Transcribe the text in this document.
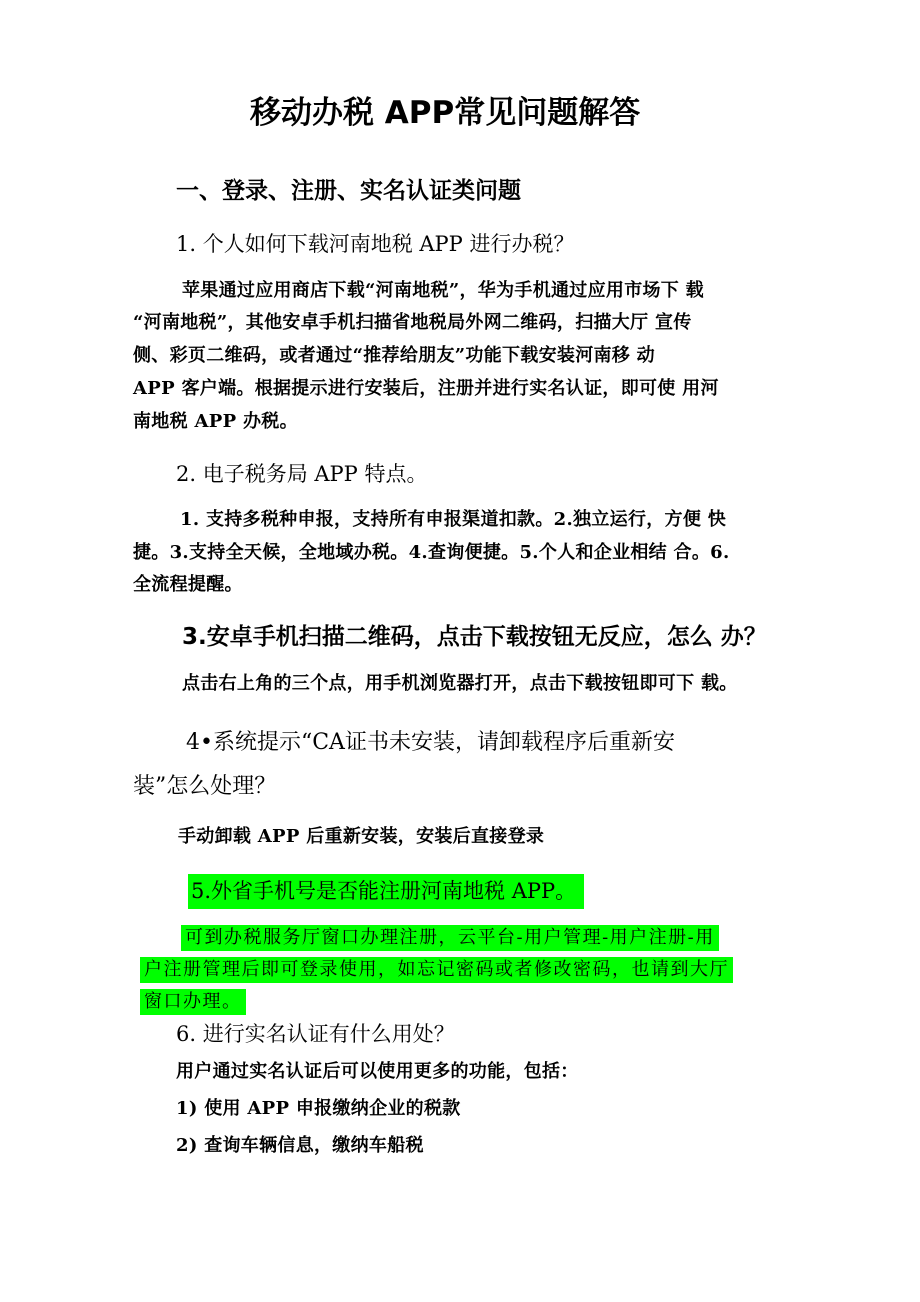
移动办税 APP常见问题解答
一、登录、注册、实名认证类问题
1. 个人如何下载河南地税 APP 进行办税？
苹果通过应用商店下载“河南地税”，华为手机通过应用市场下 载
“河南地税”，其他安卓手机扫描省地税局外网二维码，扫描大厅 宣传
侧、彩页二维码，或者通过“推荐给朋友”功能下载安装河南移 动
APP 客户端。根据提示进行安装后，注册并进行实名认证，即可使 用河
南地税 APP 办税。
2. 电子税务局 APP 特点。
1. 支持多税种申报，支持所有申报渠道扣款。2.独立运行，方便 快
捷。3.支持全天候，全地域办税。4.查询便捷。5.个人和企业相结 合。6.
全流程提醒。
3.安卓手机扫描二维码，点击下载按钮无反应，怎么 办？
点击右上角的三个点，用手机浏览器打开，点击下载按钮即可下 载。
4•系统提示“CA证书未安装，请卸载程序后重新安
装”怎么处理？
手动卸载 APP 后重新安装，安装后直接登录
5.外省手机号是否能注册河南地税 APP。
可到办税服务厅窗口办理注册，云平台-用户管理-用户注册-用
户注册管理后即可登录使用，如忘记密码或者修改密码，也请到大厅
窗口办理。
6. 进行实名认证有什么用处？
用户通过实名认证后可以使用更多的功能，包括：
1) 使用 APP 申报缴纳企业的税款
2) 查询车辆信息，缴纳车船税
